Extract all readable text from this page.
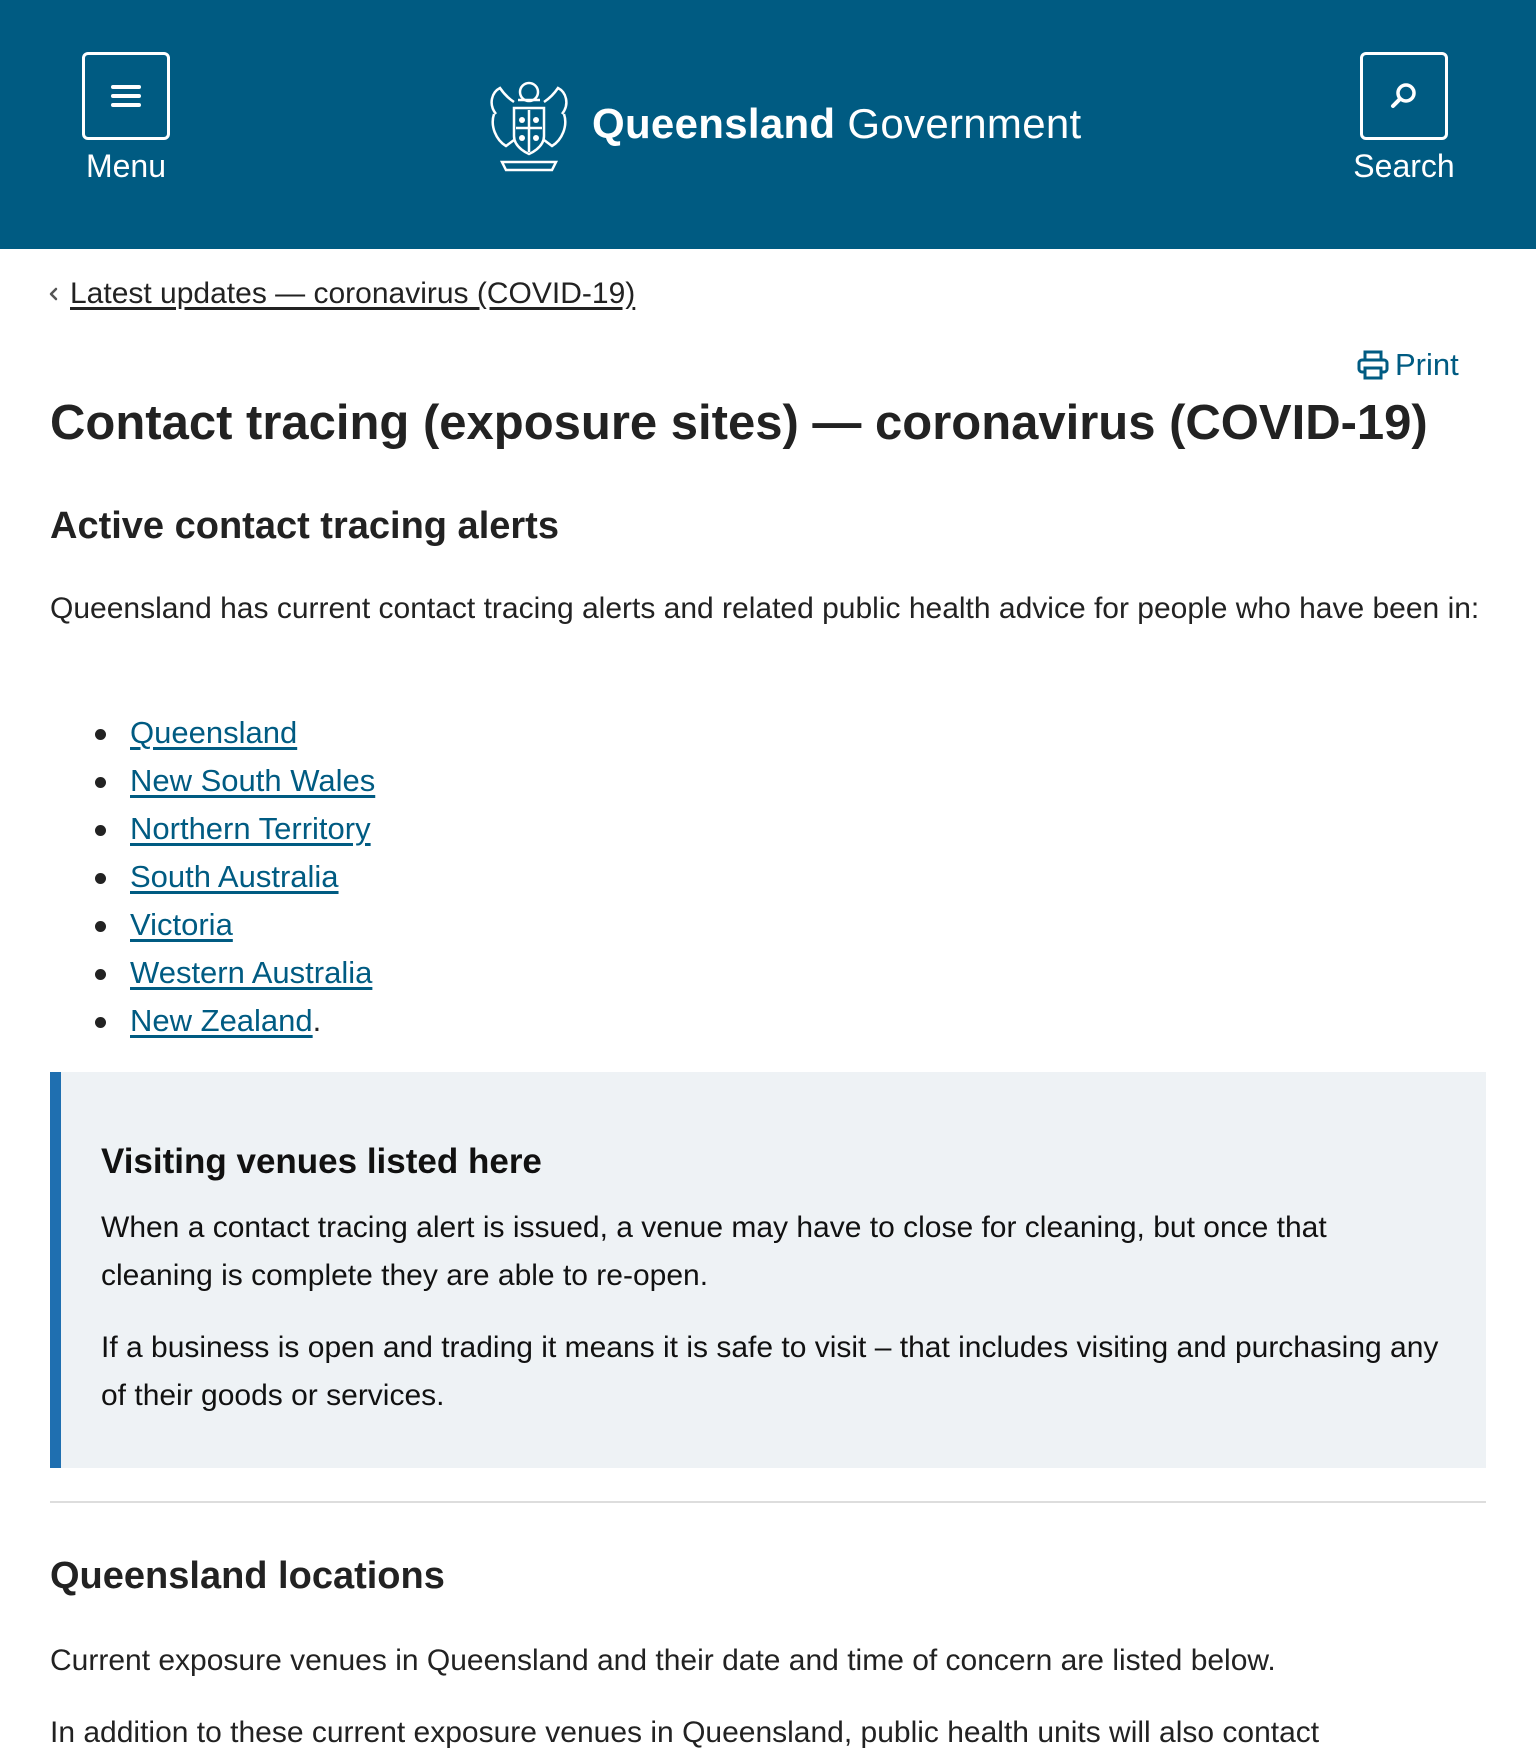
Menu
Queensland Government
Search
Latest updates — coronavirus (COVID-19)
Print
Contact tracing (exposure sites) — coronavirus (COVID-19)
Active contact tracing alerts

Queensland has current contact tracing alerts and related public health advice for people who have been in:

Queensland
New South Wales
Northern Territory
South Australia
Victoria
Western Australia
New Zealand.
Visiting venues listed here

When a contact tracing alert is issued, a venue may have to close for cleaning, but once that cleaning is complete they are able to re-open.

If a business is open and trading it means it is safe to visit – that includes visiting and purchasing any of their goods or services.

Queensland locations

Current exposure venues in Queensland and their date and time of concern are listed below.

In addition to these current exposure venues in Queensland, public health units will also contact
